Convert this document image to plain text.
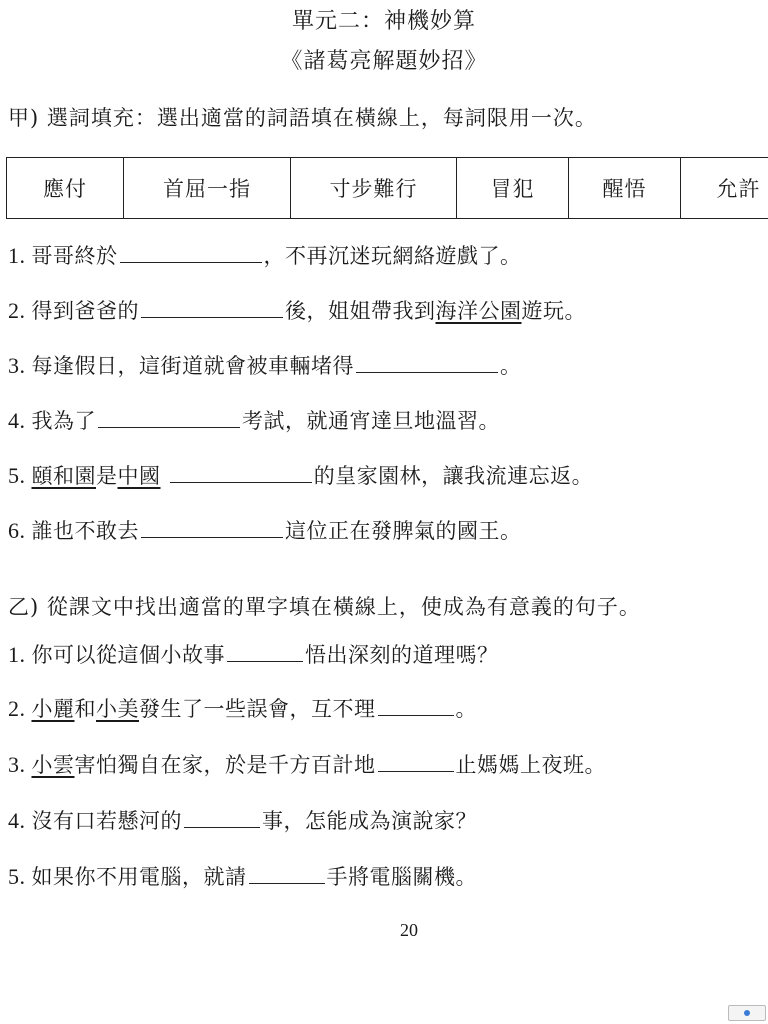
單元二：神機妙算
《諸葛亮解題妙招》
甲) 選詞填充：選出適當的詞語填在橫線上，每詞限用一次。
應付	首屈一指	寸步難行	冒犯	醒悟	允許
1. 哥哥終於	，不再沉迷玩網絡遊戲了。
2. 得到爸爸的	後，姐姐帶我到海洋公園遊玩。
3. 每逢假日，這街道就會被車輛堵得	。
4. 我為了	考試，就通宵達旦地溫習。
5. 頤和園是中國	的皇家園林，讓我流連忘返。
6. 誰也不敢去	這位正在發脾氣的國王。
乙) 從課文中找出適當的單字填在橫線上，使成為有意義的句子。
1. 你可以從這個小故事	悟出深刻的道理嗎？
2. 小麗和小美發生了一些誤會，互不理	。
3. 小雲害怕獨自在家，於是千方百計地	止媽媽上夜班。
4. 沒有口若懸河的	事，怎能成為演說家？
5. 如果你不用電腦，就請	手將電腦關機。
20
